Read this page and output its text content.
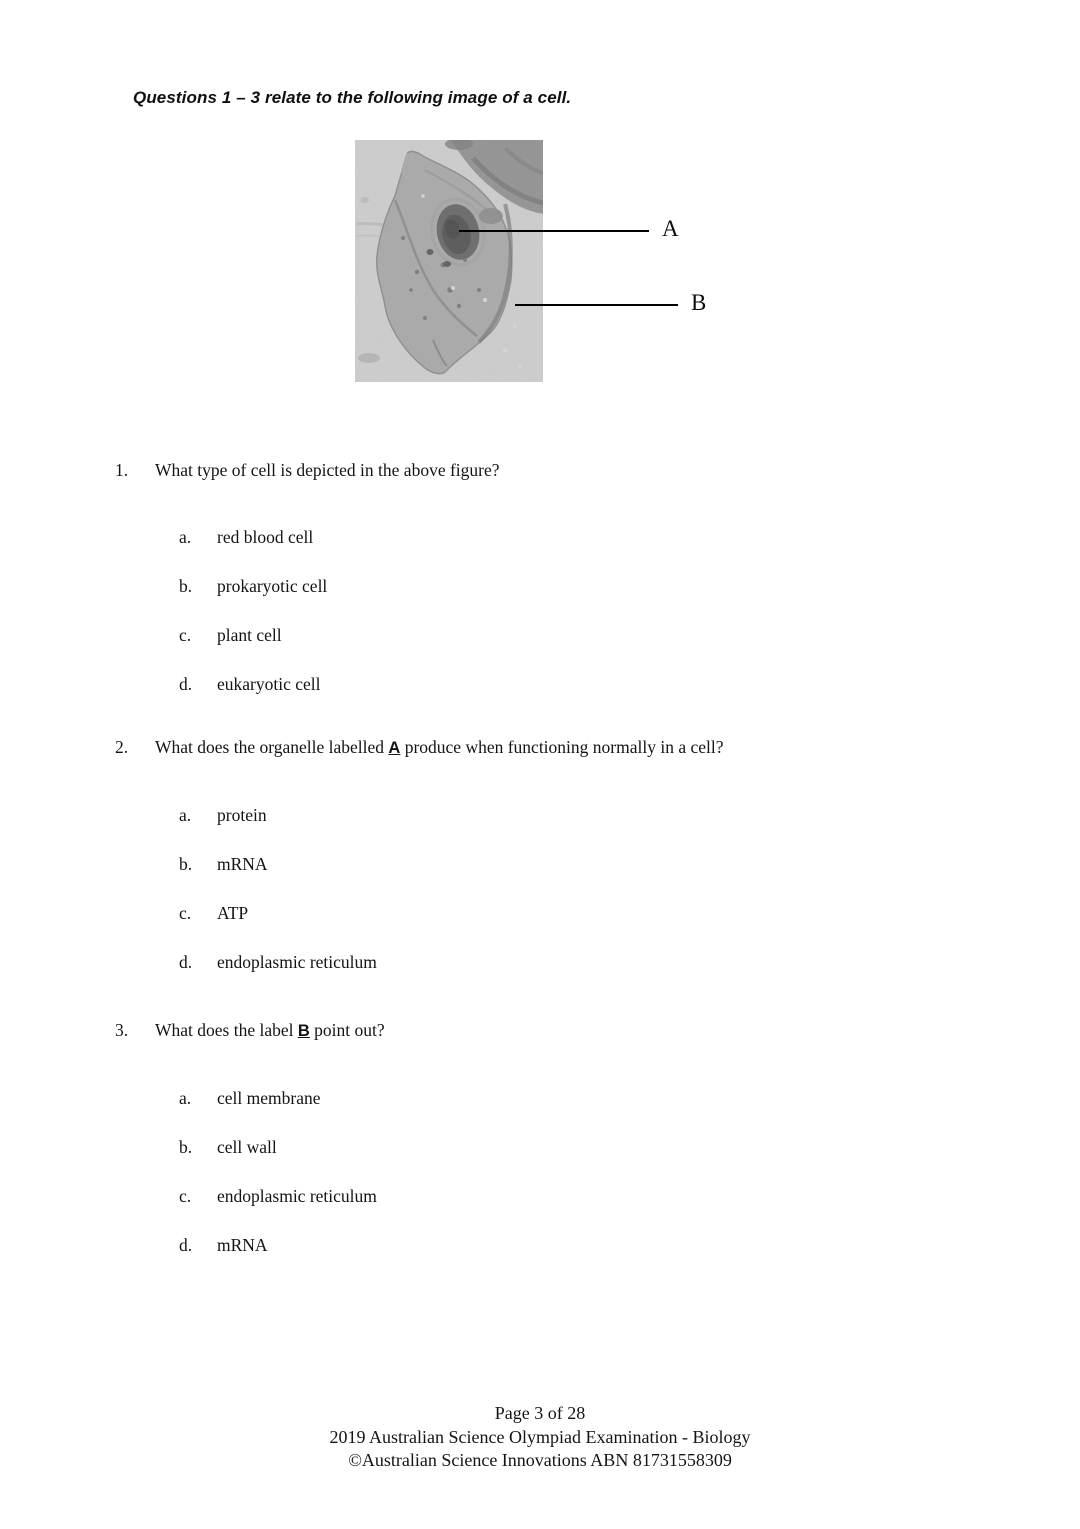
Questions 1 – 3 relate to the following image of a cell.
A
B
1.	What type of cell is depicted in the above figure?
a.	red blood cell
b.	prokaryotic cell
c.	plant cell
d.	eukaryotic cell
2.	What does the organelle labelled A produce when functioning normally in a cell?
a.	protein
b.	mRNA
c.	ATP
d.	endoplasmic reticulum
3.	What does the label B point out?
a.	cell membrane
b.	cell wall
c.	endoplasmic reticulum
d.	mRNA
Page 3 of 28
2019 Australian Science Olympiad Examination - Biology
©Australian Science Innovations ABN 81731558309
